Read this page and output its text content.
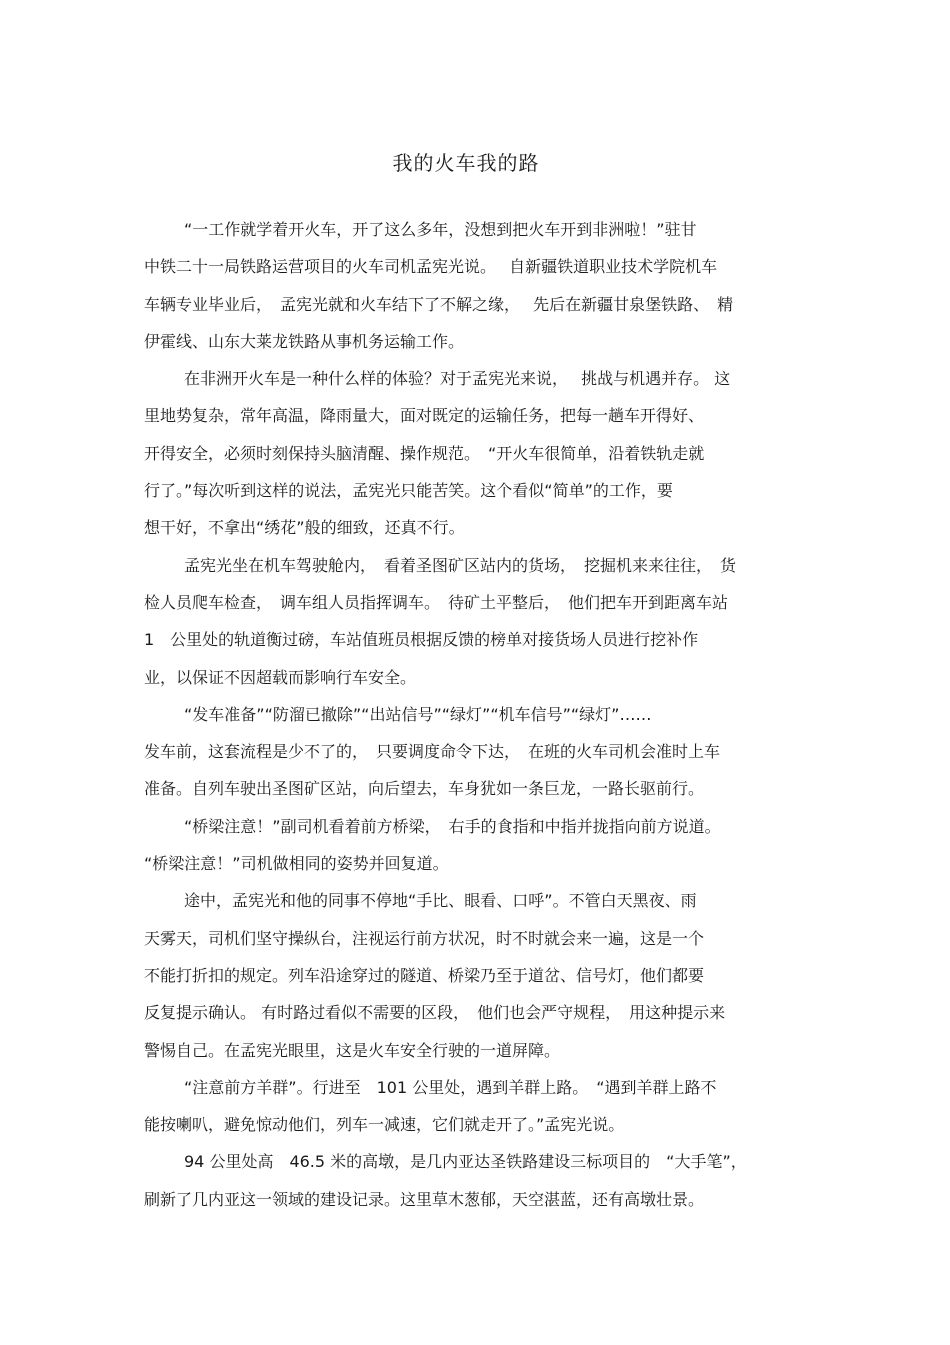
我的火车我的路
“一工作就学着开火车，开了这么多年，没想到把火车开到非洲啦！”驻甘
中铁二十一局铁路运营项目的火车司机孟宪光说。　 自新疆铁道职业技术学院机车
车辆专业毕业后，　孟宪光就和火车结下了不解之缘，　 先后在新疆甘泉堡铁路、　精
伊霍线、山东大莱龙铁路从事机务运输工作。
在非洲开火车是一种什么样的体验？对于孟宪光来说，　 挑战与机遇并存。 这
里地势复杂，常年高温，降雨量大，面对既定的运输任务，把每一趟车开得好、
开得安全，必须时刻保持头脑清醒、操作规范。　“开火车很简单，沿着铁轨走就
行了。”每次听到这样的说法，孟宪光只能苦笑。这个看似“简单”的工作，要
想干好，不拿出“绣花”般的细致，还真不行。
孟宪光坐在机车驾驶舱内，　看着圣图矿区站内的货场，　挖掘机来来往往，　货
检人员爬车检查，　调车组人员指挥调车。　待矿土平整后，　他们把车开到距离车站
1　公里处的轨道衡过磅，车站值班员根据反馈的榜单对接货场人员进行挖补作
业，以保证不因超载而影响行车安全。
“发车准备”“防溜已撤除”“出站信号”“绿灯”“机车信号”“绿灯”……
发车前，这套流程是少不了的，　只要调度命令下达，　在班的火车司机会准时上车
准备。自列车驶出圣图矿区站，向后望去，车身犹如一条巨龙，一路长驱前行。
“桥梁注意！”副司机看着前方桥梁，　右手的食指和中指并拢指向前方说道。
“桥梁注意！”司机做相同的姿势并回复道。
途中，孟宪光和他的同事不停地“手比、眼看、口呼”。不管白天黑夜、雨
天雾天，司机们坚守操纵台，注视运行前方状况，时不时就会来一遍，这是一个
不能打折扣的规定。列车沿途穿过的隧道、桥梁乃至于道岔、信号灯，他们都要
反复提示确认。 有时路过看似不需要的区段，　他们也会严守规程，　用这种提示来
警惕自己。在孟宪光眼里，这是火车安全行驶的一道屏障。
“注意前方羊群”。行进至　101 公里处，遇到羊群上路。　“遇到羊群上路不
能按喇叭，避免惊动他们，列车一减速，它们就走开了。”孟宪光说。
94 公里处高　46.5 米的高墩，是几内亚达圣铁路建设三标项目的　“大手笔”，
刷新了几内亚这一领域的建设记录。这里草木葱郁，天空湛蓝，还有高墩壮景。
